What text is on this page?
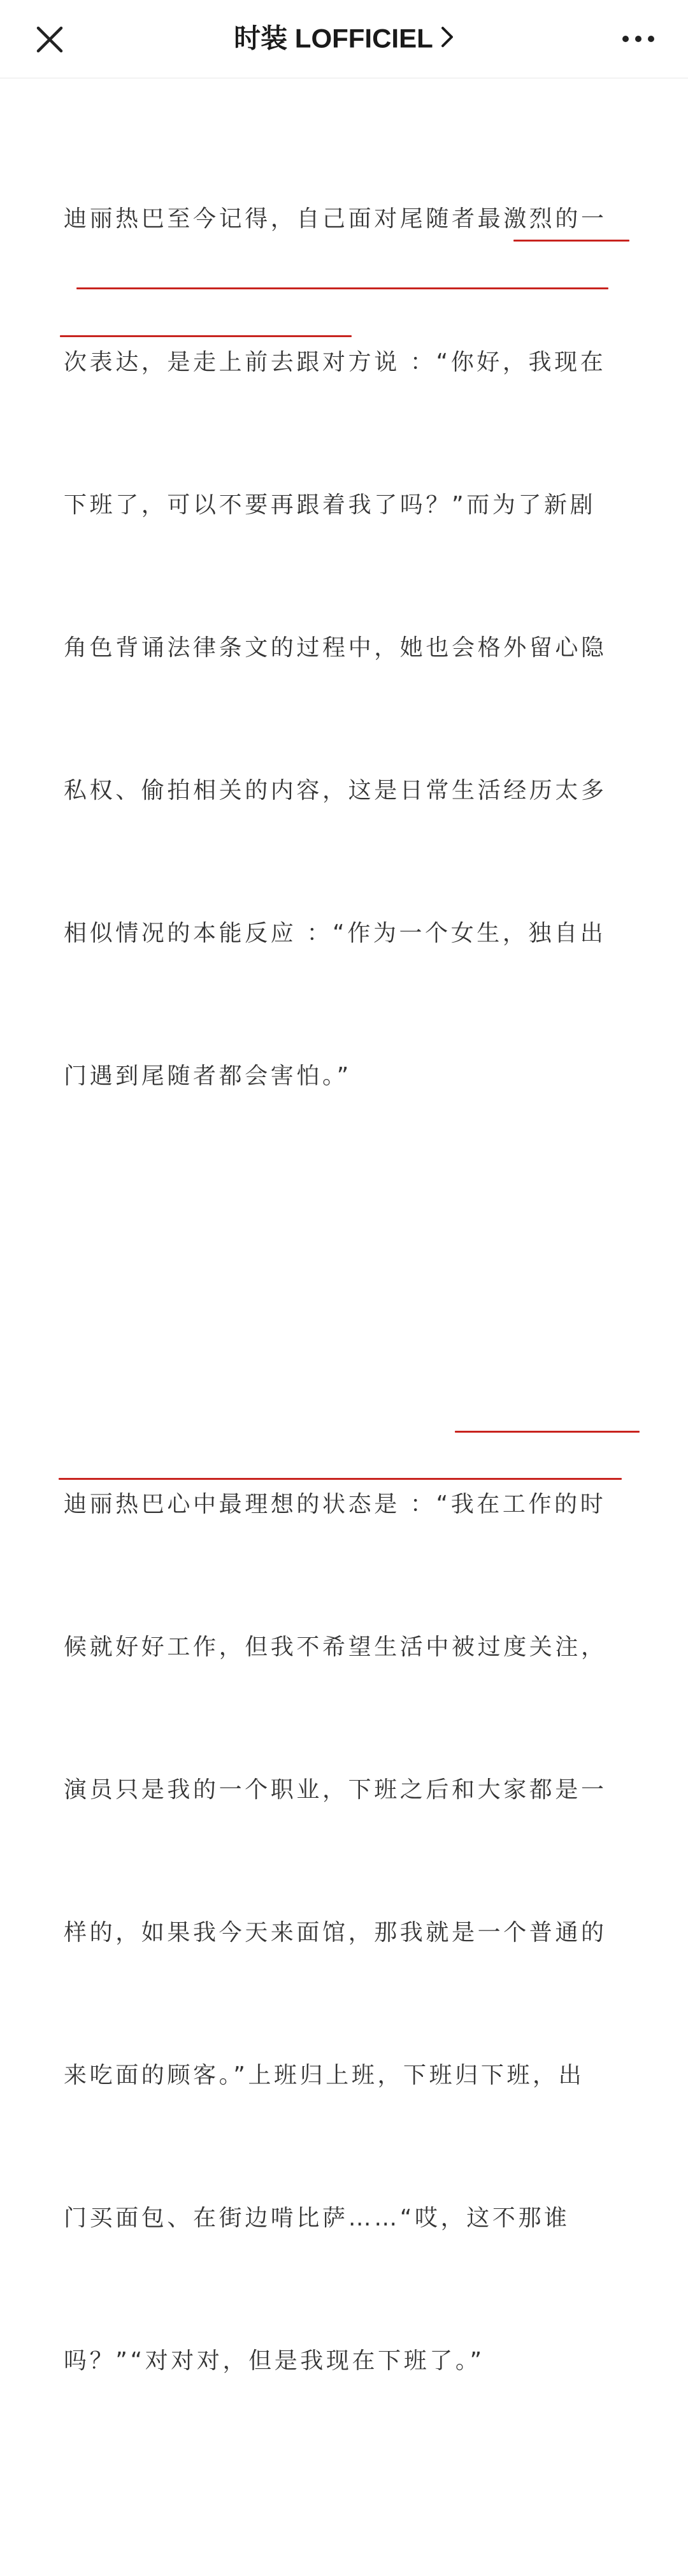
时装 LOFFICIEL

迪丽热巴至今记得，自己面对尾随者最激烈的一

次表达，是走上前去跟对方说 ：“你好，我现在

下班了，可以不要再跟着我了吗？”而为了新剧

角色背诵法律条文的过程中，她也会格外留心隐

私权、偷拍相关的内容，这是日常生活经历太多

相似情况的本能反应 ：“作为一个女生，独自出

门遇到尾随者都会害怕。”

迪丽热巴心中最理想的状态是 ：“我在工作的时

候就好好工作，但我不希望生活中被过度关注，

演员只是我的一个职业，下班之后和大家都是一

样的，如果我今天来面馆，那我就是一个普通的

来吃面的顾客。”上班归上班，下班归下班，出

门买面包、在街边啃比萨……“哎，这不那谁

吗？”“对对对，但是我现在下班了。”
